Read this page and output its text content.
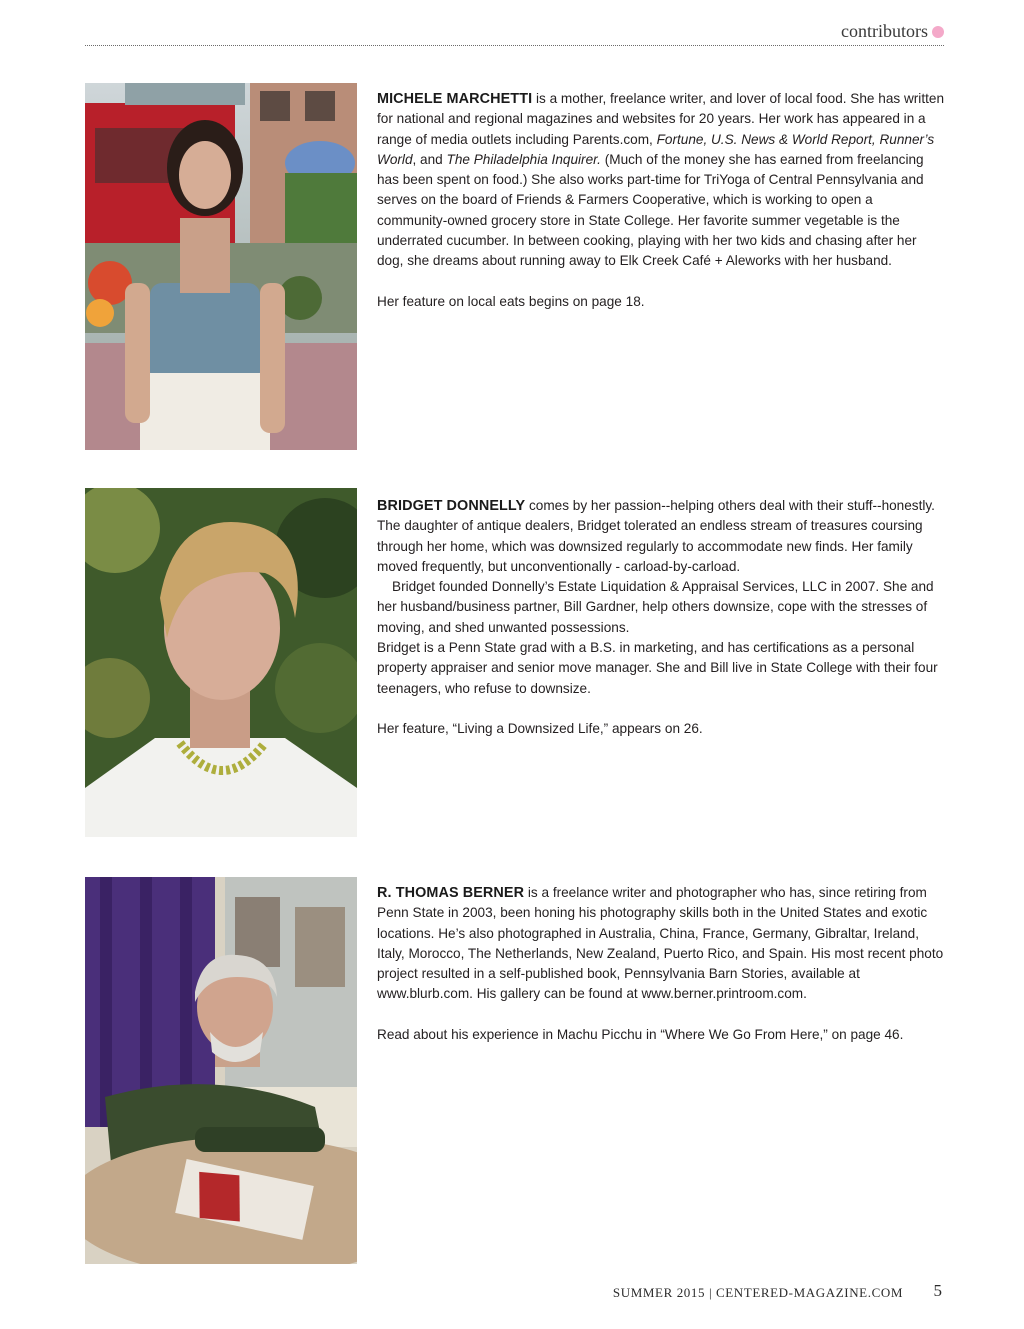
contributors

MICHELE MARCHETTI is a mother, freelance writer, and lover of local food. She has written for national and regional magazines and websites for 20 years. Her work has appeared in a range of media outlets including Parents.com, Fortune, U.S. News & World Report, Runner’s World, and The Philadelphia Inquirer. (Much of the money she has earned from freelancing has been spent on food.) She also works part-time for TriYoga of Central Pennsylvania and serves on the board of Friends & Farmers Cooperative, which is working to open a community-owned grocery store in State College. Her favorite summer vegetable is the underrated cucumber. In between cooking, playing with her two kids and chasing after her dog, she dreams about running away to Elk Creek Café + Aleworks with her husband.

Her feature on local eats begins on page 18.

BRIDGET DONNELLY comes by her passion--helping others deal with their stuff--honestly. The daughter of antique dealers, Bridget tolerated an endless stream of treasures coursing through her home, which was downsized regularly to accommodate new finds. Her family moved frequently, but unconventionally - carload-by-carload.

Bridget founded Donnelly’s Estate Liquidation & Appraisal Services, LLC in 2007. She and her husband/business partner, Bill Gardner, help others downsize, cope with the stresses of moving, and shed unwanted possessions.

Bridget is a Penn State grad with a B.S. in marketing, and has certifications as a personal property appraiser and senior move manager. She and Bill live in State College with their four teenagers, who refuse to downsize.

Her feature, “Living a Downsized Life,” appears on 26.

R. THOMAS BERNER is a freelance writer and photographer who has, since retiring from Penn State in 2003, been honing his photography skills both in the United States and exotic locations. He’s also photographed in Australia, China, France, Germany, Gibraltar, Ireland, Italy, Morocco, The Netherlands, New Zealand, Puerto Rico, and Spain. His most recent photo project resulted in a self-published book, Pennsylvania Barn Stories, available at www.blurb.com. His gallery can be found at www.berner.printroom.com.

Read about his experience in Machu Picchu in “Where We Go From Here,” on page 46.

SUMMER 2015 | CENTERED-MAGAZINE.COM 5
